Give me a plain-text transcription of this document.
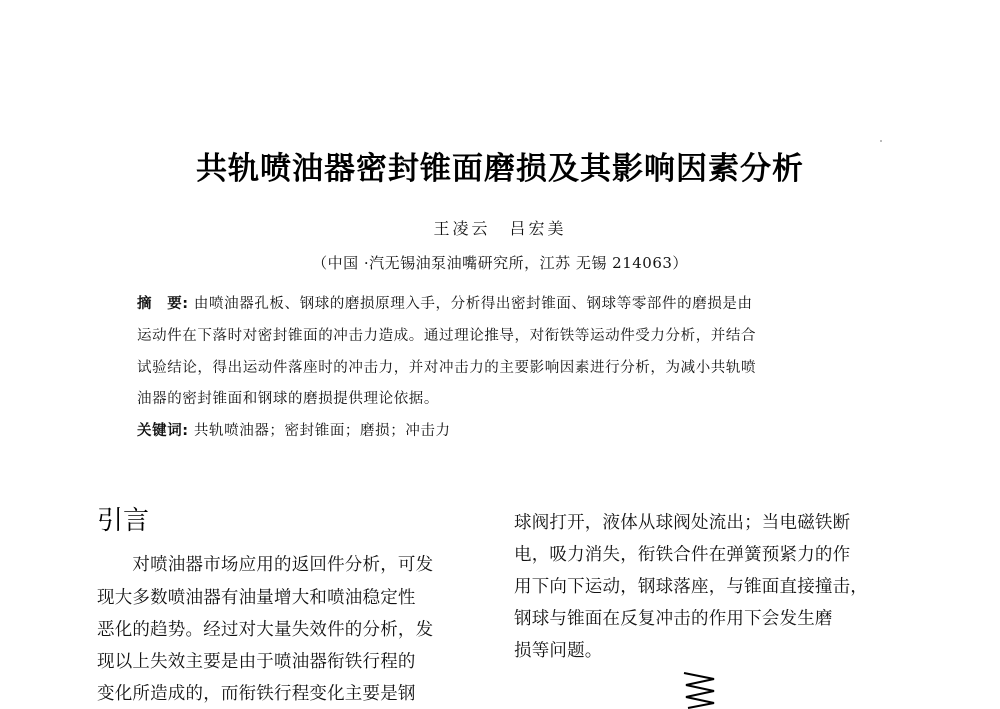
共轨喷油器密封锥面磨损及其影响因素分析
王凌云　吕宏美
（中国 ·汽无锡油泵油嘴研究所，江苏 无锡 214063）
摘　要: 由喷油器孔板、钢球的磨损原理入手，分析得出密封锥面、钢球等零部件的磨损是由
运动件在下落时对密封锥面的冲击力造成。通过理论推导，对衔铁等运动件受力分析，并结合
试验结论，得出运动件落座时的冲击力，并对冲击力的主要影响因素进行分析，为减小共轨喷
油器的密封锥面和钢球的磨损提供理论依据。
关键词: 共轨喷油器；密封锥面；磨损；冲击力
引言
　　对喷油器市场应用的返回件分析，可发
现大多数喷油器有油量增大和喷油稳定性
恶化的趋势。经过对大量失效件的分析，发
现以上失效主要是由于喷油器衔铁行程的
变化所造成的，而衔铁行程变化主要是钢
球阀打开，液体从球阀处流出；当电磁铁断
电，吸力消失，衔铁合件在弹簧预紧力的作
用下向下运动，钢球落座，与锥面直接撞击，
钢球与锥面在反复冲击的作用下会发生磨
损等问题。
